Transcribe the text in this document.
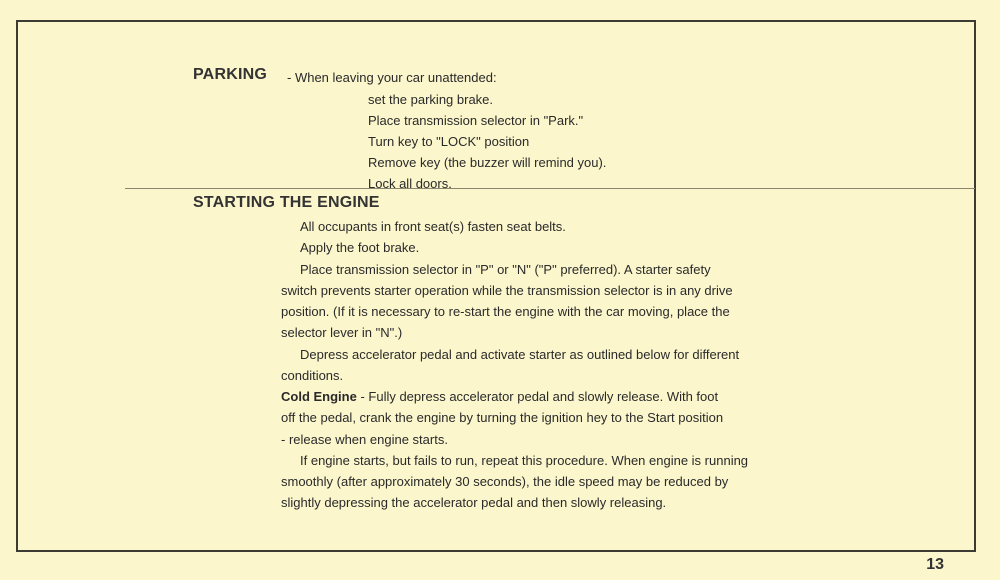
PARKING - When leaving your car unattended:
set the parking brake.
Place transmission selector in "Park."
Turn key to "LOCK" position
Remove key (the buzzer will remind you).
Lock all doors.
STARTING THE ENGINE
All occupants in front seat(s) fasten seat belts.
Apply the foot brake.
Place transmission selector in "P" or "N" ("P" preferred). A starter safety
switch prevents starter operation while the transmission selector is in any drive
position. (If it is necessary to re-start the engine with the car moving, place the
selector lever in "N".)
Depress accelerator pedal and activate starter as outlined below for different
conditions.
Cold Engine - Fully depress accelerator pedal and slowly release. With foot
off the pedal, crank the engine by turning the ignition hey to the Start position
- release when engine starts.
If engine starts, but fails to run, repeat this procedure. When engine is running
smoothly (after approximately 30 seconds), the idle speed may be reduced by
slightly depressing the accelerator pedal and then slowly releasing.
13
